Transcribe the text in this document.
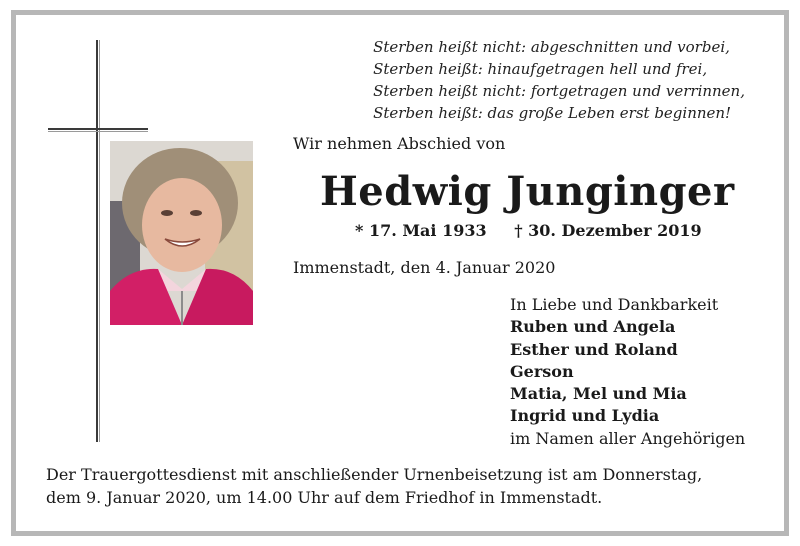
Sterben heißt nicht: abgeschnitten und vorbei,
Sterben heißt: hinaufgetragen hell und frei,
Sterben heißt nicht: fortgetragen und verrinnen,
Sterben heißt: das große Leben erst beginnen!
Wir nehmen Abschied von
Hedwig Junginger
* 17. Mai 1933 † 30. Dezember 2019
Immenstadt, den 4. Januar 2020
In Liebe und Dankbarkeit
Ruben und Angela
Esther und Roland
Gerson
Matia, Mel und Mia
Ingrid und Lydia
im Namen aller Angehörigen
Der Trauergottesdienst mit anschließender Urnenbeisetzung ist am Donnerstag,
dem 9. Januar 2020, um 14.00 Uhr auf dem Friedhof in Immenstadt.
